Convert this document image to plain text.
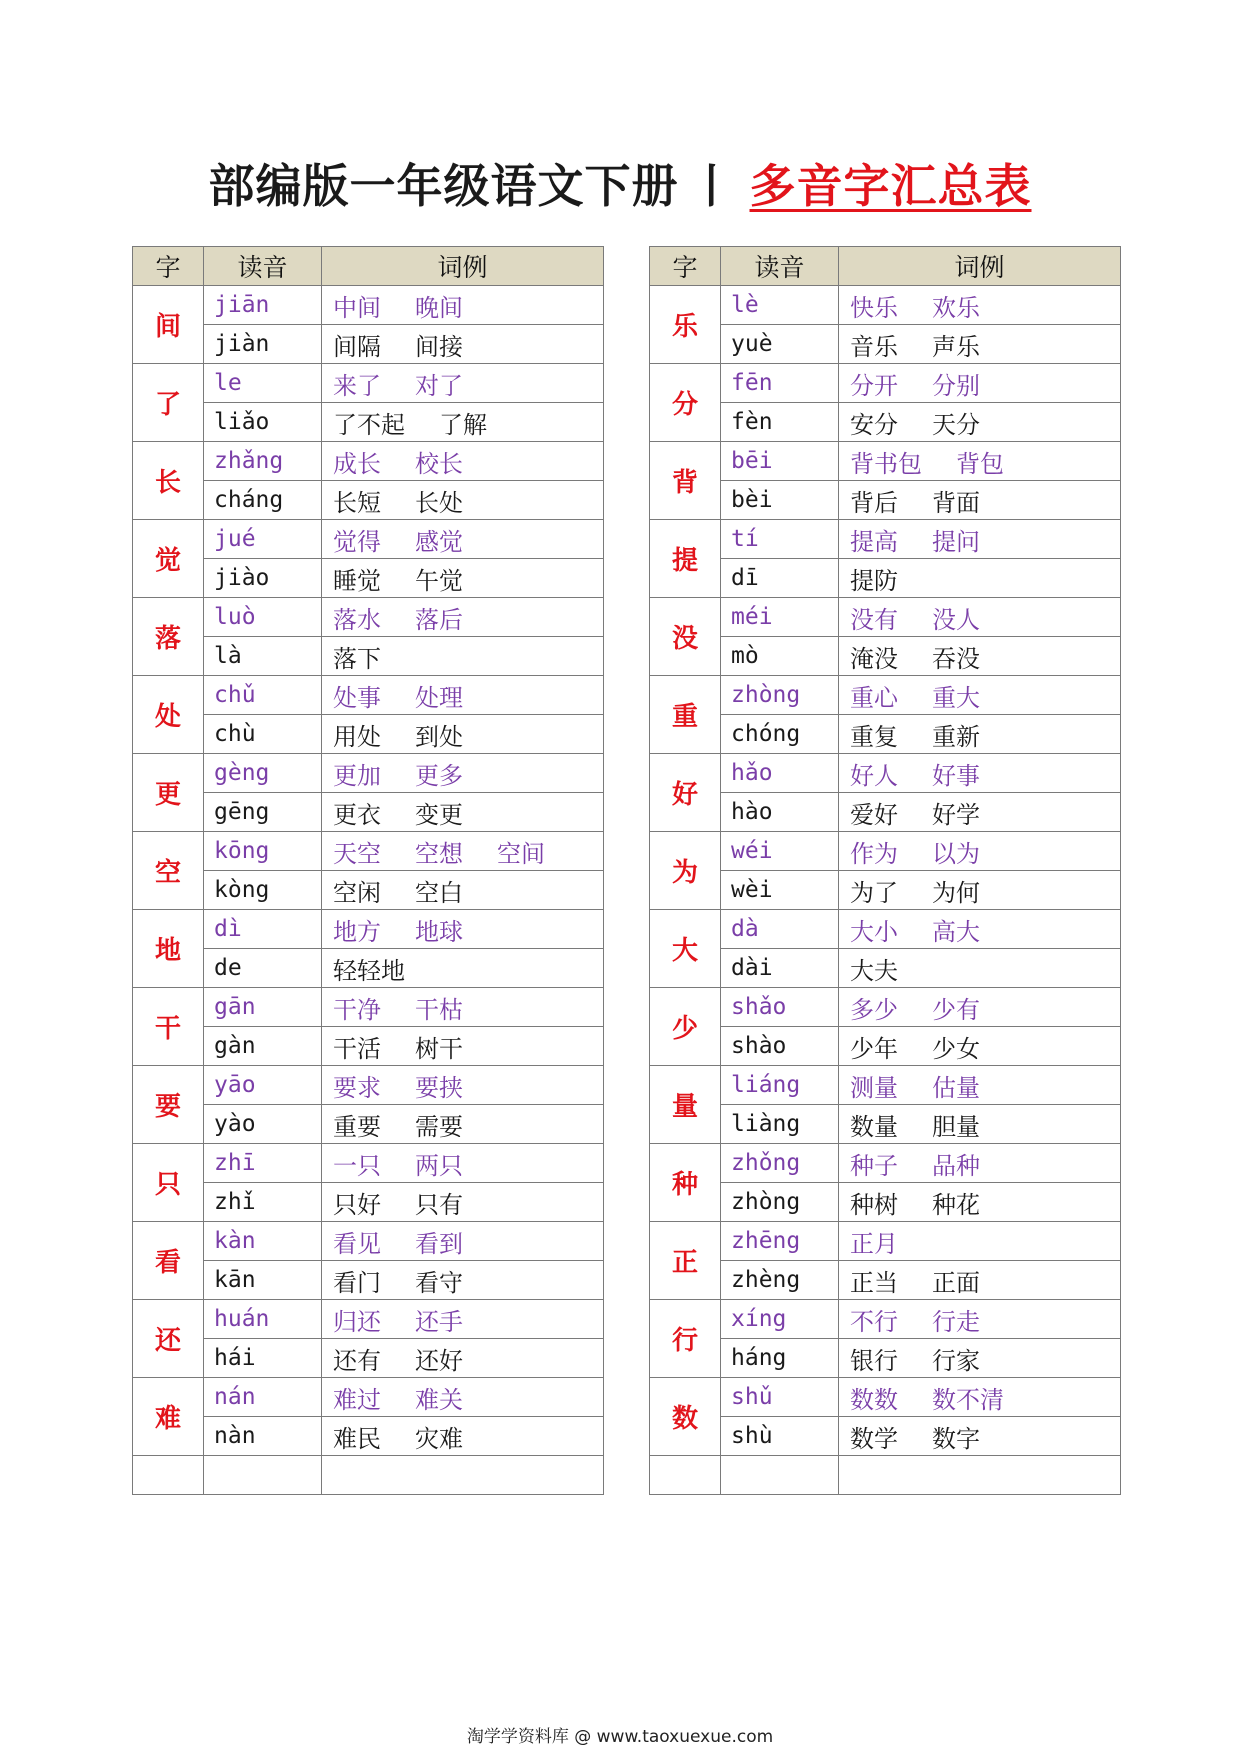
部编版一年级语文下册 丨 多音字汇总表
字	读音	词例
间	jiān	中间 晚间
	jiàn	间隔 间接
了	le	来了 对了
	liǎo	了不起 了解
长	zhǎng	成长 校长
	cháng	长短 长处
觉	jué	觉得 感觉
	jiào	睡觉 午觉
落	luò	落水 落后
	là	落下
处	chǔ	处事 处理
	chù	用处 到处
更	gèng	更加 更多
	gēng	更衣 变更
空	kōng	天空 空想 空间
	kòng	空闲 空白
地	dì	地方 地球
	de	轻轻地
干	gān	干净 干枯
	gàn	干活 树干
要	yāo	要求 要挟
	yào	重要 需要
只	zhī	一只 两只
	zhǐ	只好 只有
看	kàn	看见 看到
	kān	看门 看守
还	huán	归还 还手
	hái	还有 还好
难	nán	难过 难关
	nàn	难民 灾难

字	读音	词例
乐	lè	快乐 欢乐
	yuè	音乐 声乐
分	fēn	分开 分别
	fèn	安分 天分
背	bēi	背书包 背包
	bèi	背后 背面
提	tí	提高 提问
	dī	提防
没	méi	没有 没人
	mò	淹没 吞没
重	zhòng	重心 重大
	chóng	重复 重新
好	hǎo	好人 好事
	hào	爱好 好学
为	wéi	作为 以为
	wèi	为了 为何
大	dà	大小 高大
	dài	大夫
少	shǎo	多少 少有
	shào	少年 少女
量	liáng	测量 估量
	liàng	数量 胆量
种	zhǒng	种子 品种
	zhòng	种树 种花
正	zhēng	正月
	zhèng	正当 正面
行	xíng	不行 行走
	háng	银行 行家
数	shǔ	数数 数不清
	shù	数学 数字

淘学学资料库 @ www.taoxuexue.com
